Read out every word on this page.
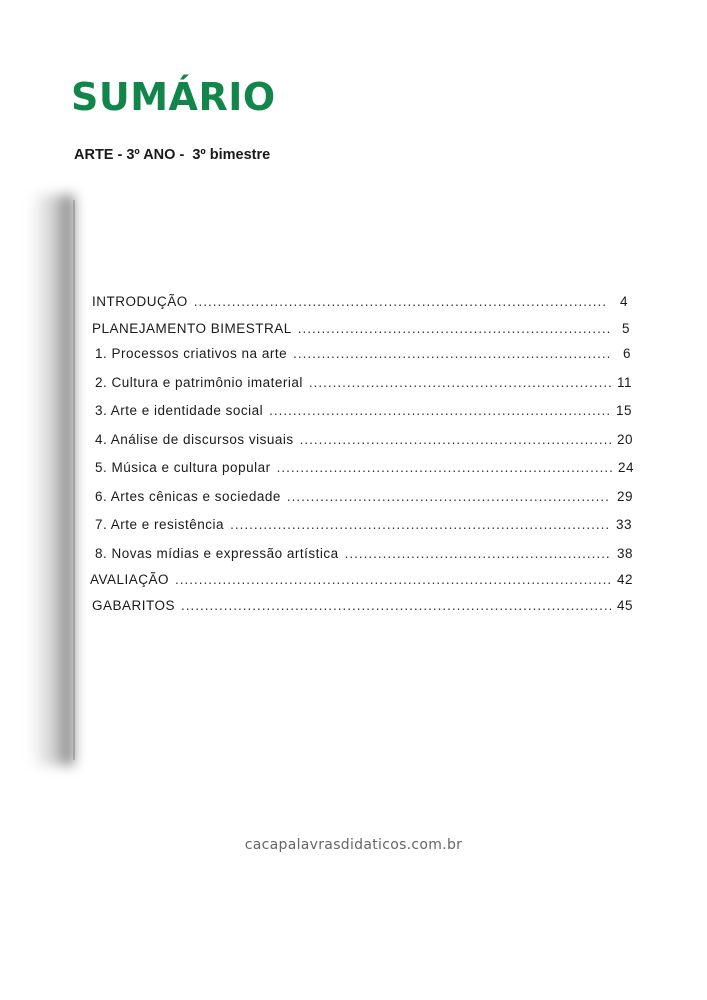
SUMÁRIO
ARTE - 3º ANO -  3º bimestre
INTRODUÇÃO .....	4
PLANEJAMENTO BIMESTRAL .....	5
1. Processos criativos na arte .....	6
2. Cultura e patrimônio imaterial .....	11
3. Arte e identidade social .....	15
4. Análise de discursos visuais .....	20
5. Música e cultura popular .....	24
6. Artes cênicas e sociedade .....	29
7. Arte e resistência .....	33
8. Novas mídias e expressão artística .....	38
AVALIAÇÃO .....	42
GABARITOS .....	45
cacapalavrasdidaticos.com.br
